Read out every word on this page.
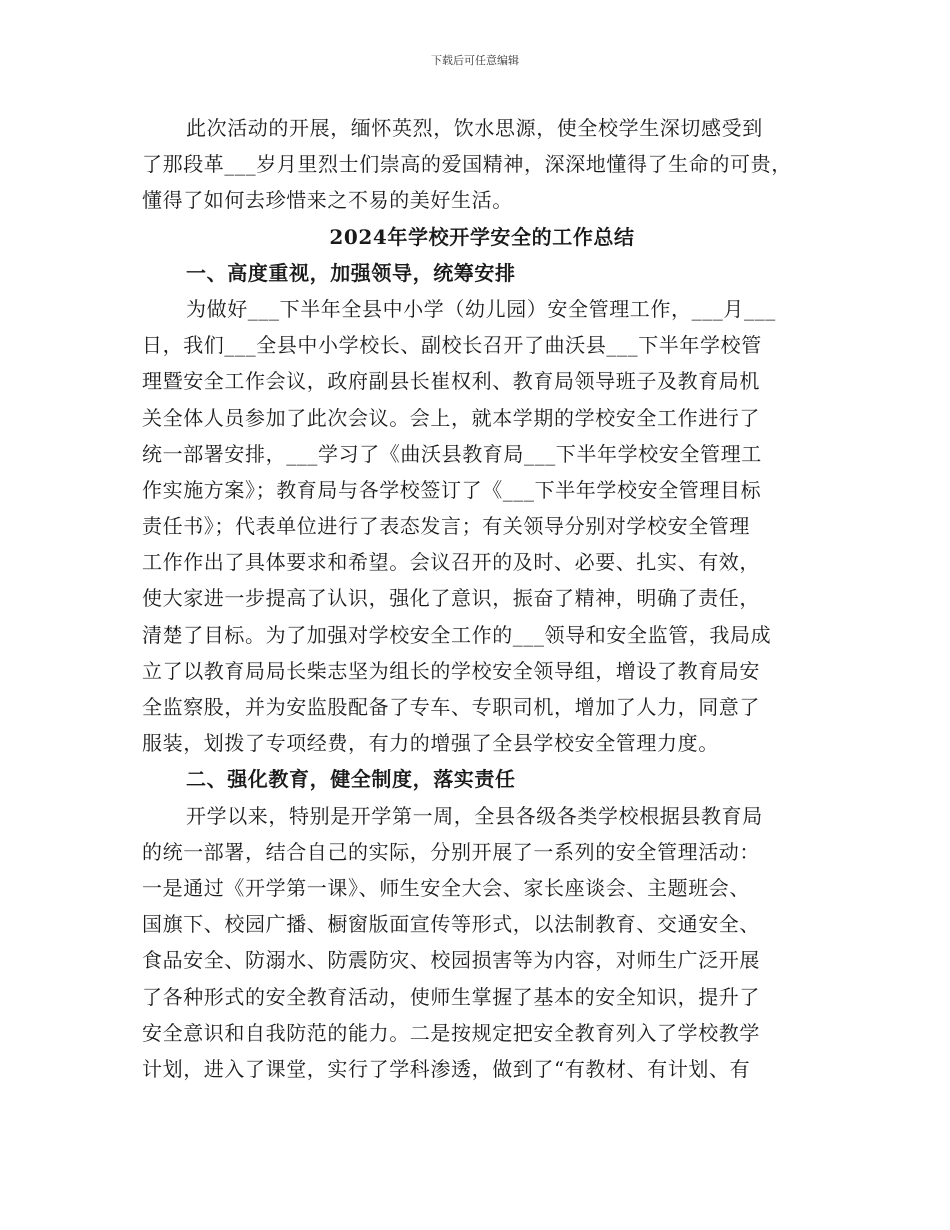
下载后可任意编辑
此次活动的开展，缅怀英烈，饮水思源，使全校学生深切感受到
了那段革___岁月里烈士们崇高的爱国精神，深深地懂得了生命的可贵，
懂得了如何去珍惜来之不易的美好生活。
2024年学校开学安全的工作总结
一、高度重视，加强领导，统筹安排
为做好___下半年全县中小学（幼儿园）安全管理工作，___月___
日，我们___全县中小学校长、副校长召开了曲沃县___下半年学校管
理暨安全工作会议，政府副县长崔权利、教育局领导班子及教育局机
关全体人员参加了此次会议。会上，就本学期的学校安全工作进行了
统一部署安排，___学习了《曲沃县教育局___下半年学校安全管理工
作实施方案》；教育局与各学校签订了《___下半年学校安全管理目标
责任书》；代表单位进行了表态发言；有关领导分别对学校安全管理
工作作出了具体要求和希望。会议召开的及时、必要、扎实、有效，
使大家进一步提高了认识，强化了意识，振奋了精神，明确了责任，
清楚了目标。为了加强对学校安全工作的___领导和安全监管，我局成
立了以教育局局长柴志坚为组长的学校安全领导组，增设了教育局安
全监察股，并为安监股配备了专车、专职司机，增加了人力，同意了
服装，划拨了专项经费，有力的增强了全县学校安全管理力度。
二、强化教育，健全制度，落实责任
开学以来，特别是开学第一周，全县各级各类学校根据县教育局
的统一部署，结合自己的实际，分别开展了一系列的安全管理活动：
一是通过《开学第一课》、师生安全大会、家长座谈会、主题班会、
国旗下、校园广播、橱窗版面宣传等形式，以法制教育、交通安全、
食品安全、防溺水、防震防灾、校园损害等为内容，对师生广泛开展
了各种形式的安全教育活动，使师生掌握了基本的安全知识，提升了
安全意识和自我防范的能力。二是按规定把安全教育列入了学校教学
计划，进入了课堂，实行了学科渗透，做到了“有教材、有计划、有
